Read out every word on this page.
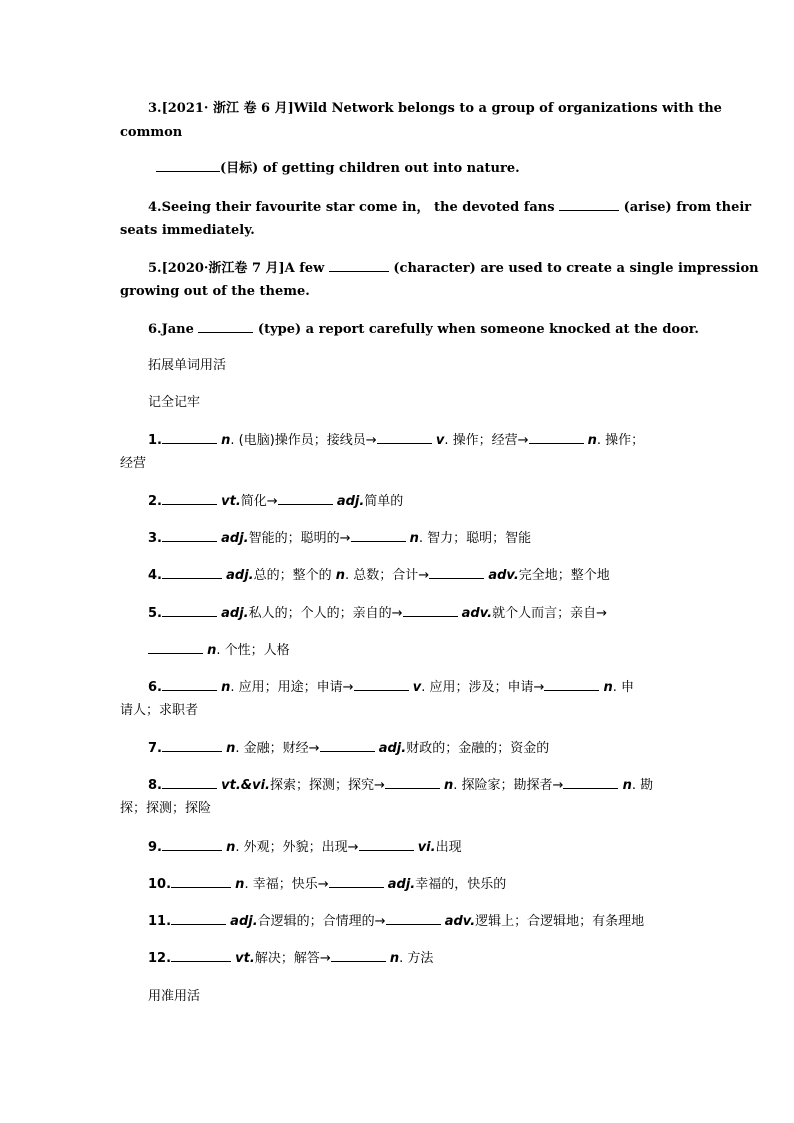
3.[2021· 浙江 卷 6 月]Wild Network belongs to a group of organizations with the
common
(目标) of getting children out into nature.
4.Seeing their favourite star come in， the devoted fans	(arise) from their
seats immediately.
5.[2020·浙江卷 7 月]A few	(character) are used to create a single impression
growing out of the theme.
6.Jane	(type) a report carefully when someone knocked at the door.
拓展单词用活
记全记牢
1.	n. (电脑)操作员；接线员→	v. 操作；经营→	n. 操作；
经营
2.	vt.简化→	adj.简单的
3.	adj.智能的；聪明的→	n. 智力；聪明；智能
4.	adj.总的；整个的 n. 总数；合计→	adv.完全地；整个地
5.	adj.私人的；个人的；亲自的→	adv.就个人而言；亲自→
n. 个性；人格
6.	n. 应用；用途；申请→	v. 应用；涉及；申请→	n. 申
请人；求职者
7.	n. 金融；财经→	adj.财政的；金融的；资金的
8.	vt.&vi.探索；探测；探究→	n. 探险家；勘探者→	n. 勘
探；探测；探险
9.	n. 外观；外貌；出现→	vi.出现
10.	n. 幸福；快乐→	adj.幸福的，快乐的
11.	adj.合逻辑的；合情理的→	adv.逻辑上；合逻辑地；有条理地
12.	vt.解决；解答→	n. 方法
用准用活
